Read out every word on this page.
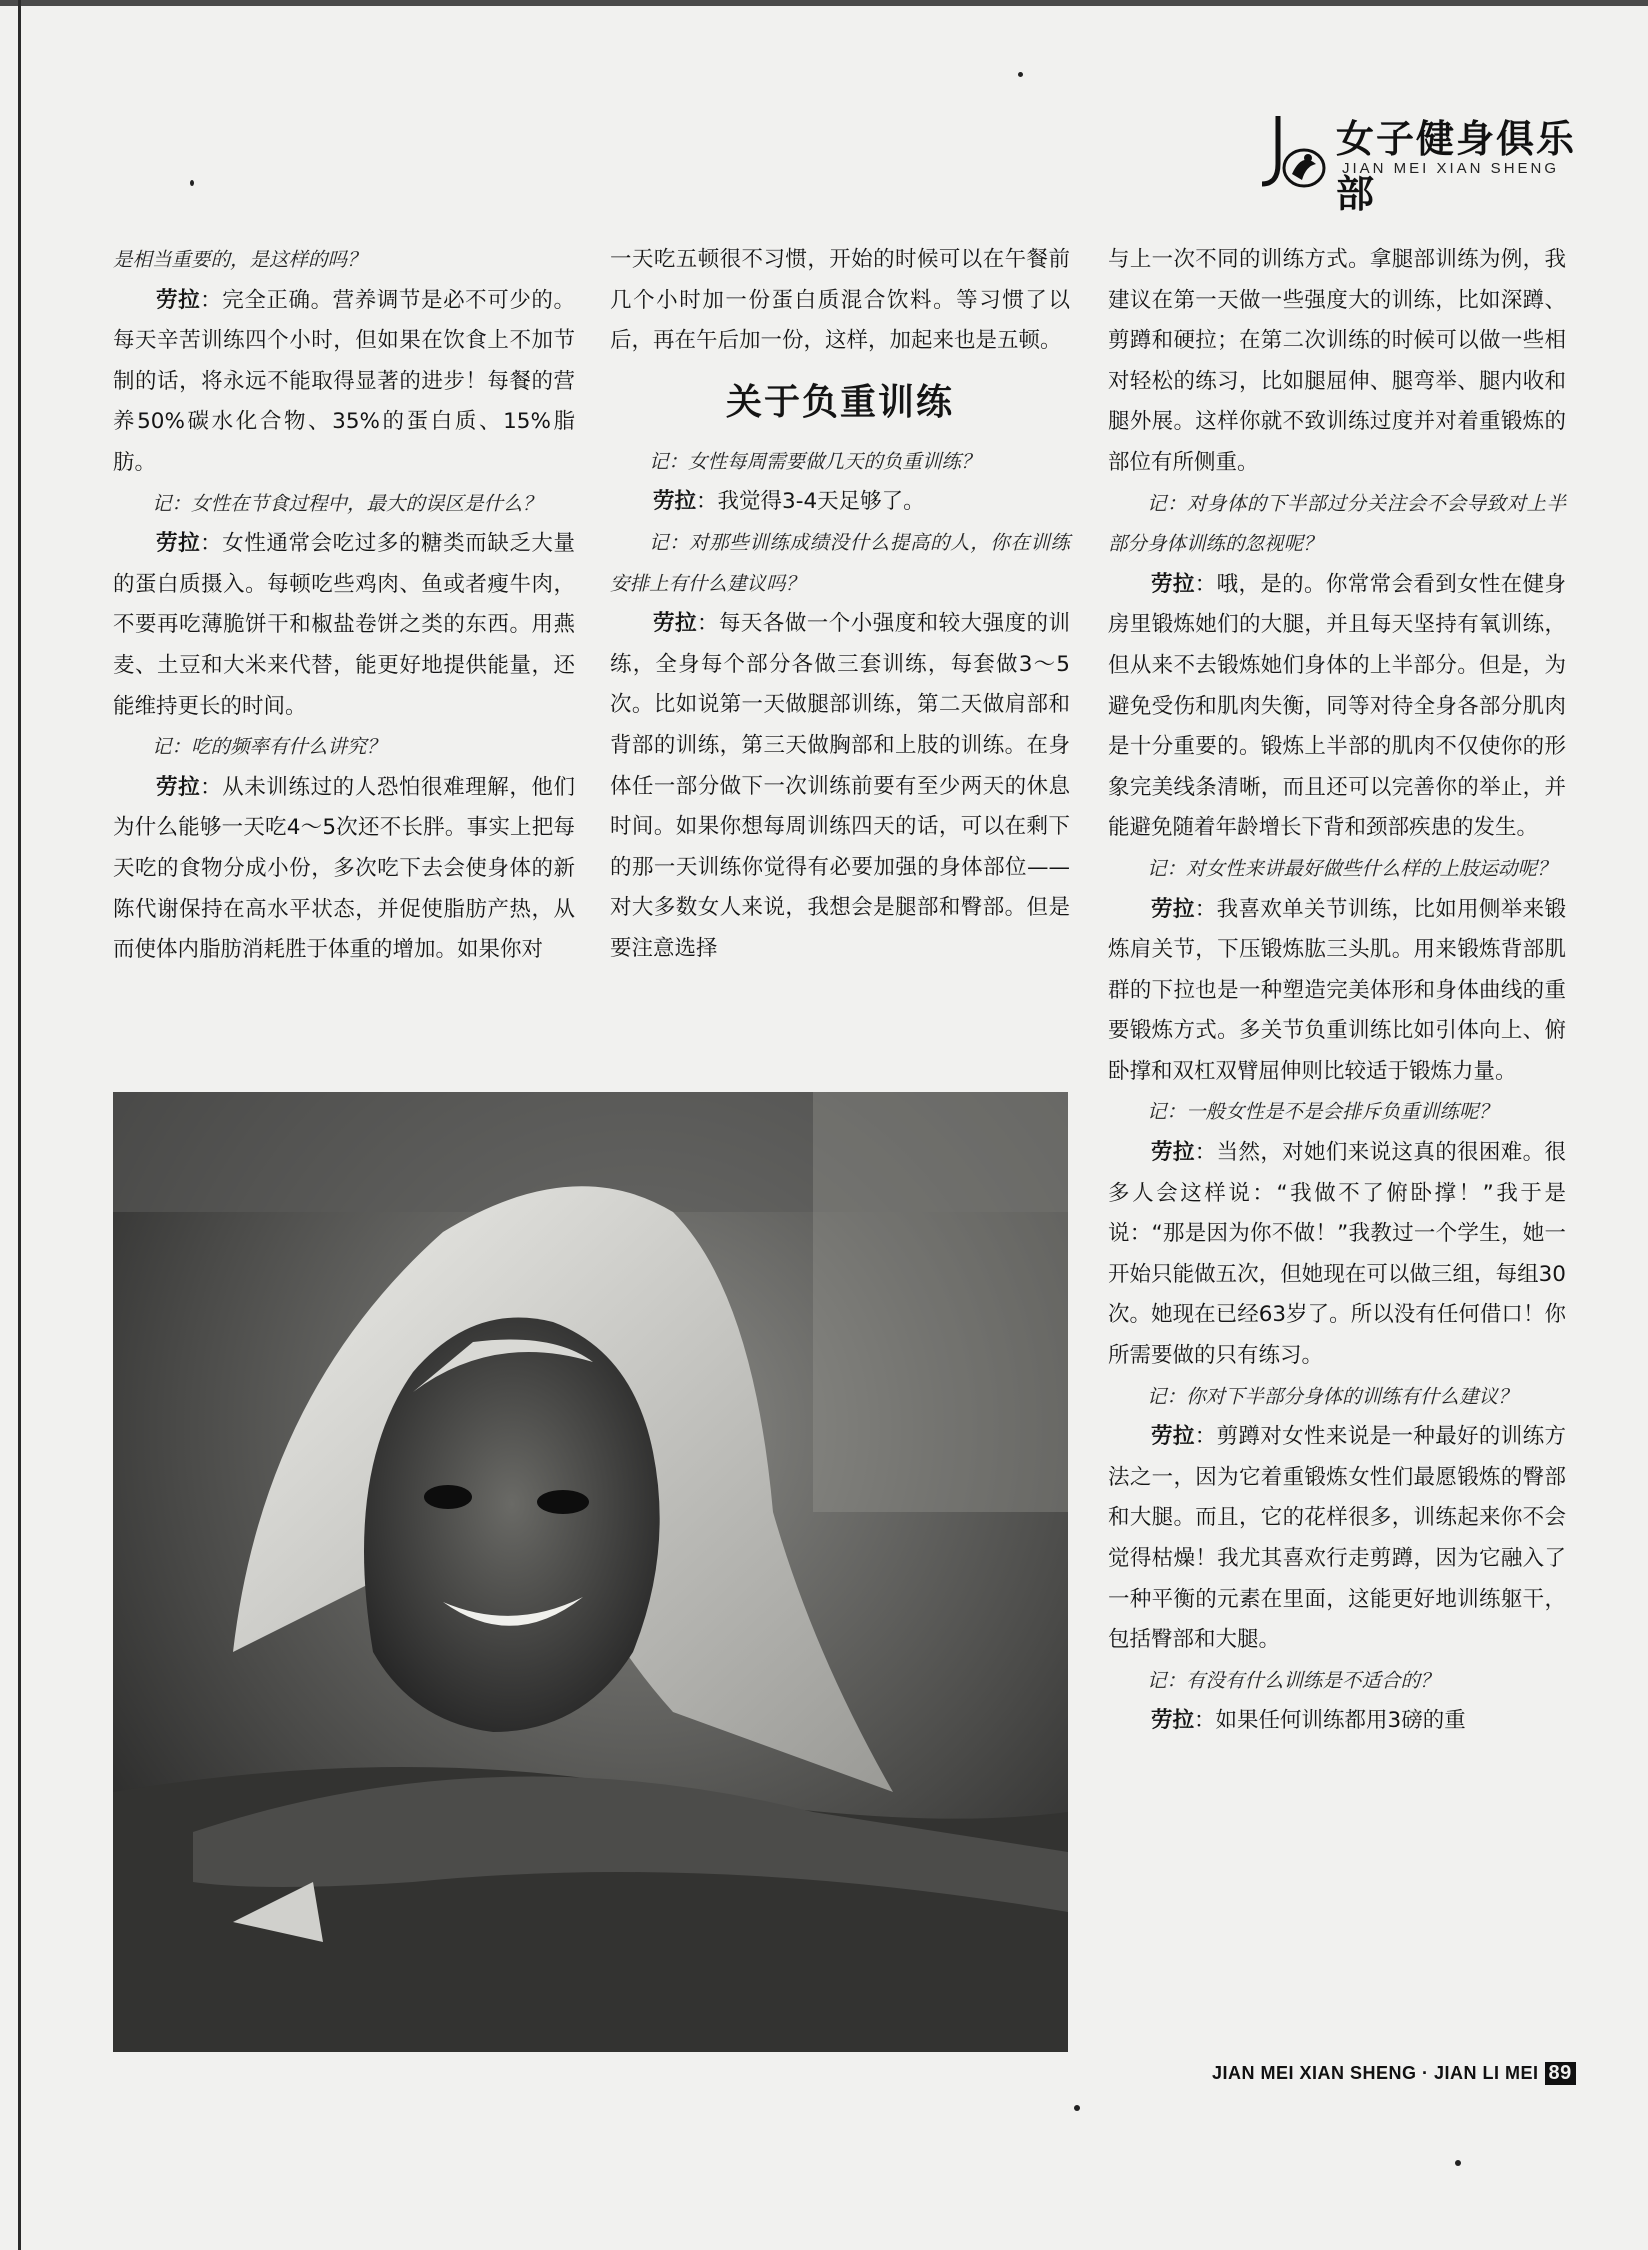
女子健身俱乐部
JIAN MEI XIAN SHENG

是相当重要的，是这样的吗？

劳拉：完全正确。营养调节是必不可少的。每天辛苦训练四个小时，但如果在饮食上不加节制的话，将永远不能取得显著的进步！每餐的营养50%碳水化合物、35%的蛋白质、15%脂肪。

记：女性在节食过程中，最大的误区是什么？

劳拉：女性通常会吃过多的糖类而缺乏大量的蛋白质摄入。每顿吃些鸡肉、鱼或者瘦牛肉，不要再吃薄脆饼干和椒盐卷饼之类的东西。用燕麦、土豆和大米来代替，能更好地提供能量，还能维持更长的时间。

记：吃的频率有什么讲究？

劳拉：从未训练过的人恐怕很难理解，他们为什么能够一天吃4～5次还不长胖。事实上把每天吃的食物分成小份，多次吃下去会使身体的新陈代谢保持在高水平状态，并促使脂肪产热，从而使体内脂肪消耗胜于体重的增加。如果你对

一天吃五顿很不习惯，开始的时候可以在午餐前几个小时加一份蛋白质混合饮料。等习惯了以后，再在午后加一份，这样，加起来也是五顿。

关于负重训练

记：女性每周需要做几天的负重训练？

劳拉：我觉得3-4天足够了。

记：对那些训练成绩没什么提高的人，你在训练安排上有什么建议吗？

劳拉：每天各做一个小强度和较大强度的训练，全身每个部分各做三套训练，每套做3～5次。比如说第一天做腿部训练，第二天做肩部和背部的训练，第三天做胸部和上肢的训练。在身体任一部分做下一次训练前要有至少两天的休息时间。如果你想每周训练四天的话，可以在剩下的那一天训练你觉得有必要加强的身体部位——对大多数女人来说，我想会是腿部和臀部。但是要注意选择

与上一次不同的训练方式。拿腿部训练为例，我建议在第一天做一些强度大的训练，比如深蹲、剪蹲和硬拉；在第二次训练的时候可以做一些相对轻松的练习，比如腿屈伸、腿弯举、腿内收和腿外展。这样你就不致训练过度并对着重锻炼的部位有所侧重。

记：对身体的下半部过分关注会不会导致对上半部分身体训练的忽视呢？

劳拉：哦，是的。你常常会看到女性在健身房里锻炼她们的大腿，并且每天坚持有氧训练，但从来不去锻炼她们身体的上半部分。但是，为避免受伤和肌肉失衡，同等对待全身各部分肌肉是十分重要的。锻炼上半部的肌肉不仅使你的形象完美线条清晰，而且还可以完善你的举止，并能避免随着年龄增长下背和颈部疾患的发生。

记：对女性来讲最好做些什么样的上肢运动呢？

劳拉：我喜欢单关节训练，比如用侧举来锻炼肩关节，下压锻炼肱三头肌。用来锻炼背部肌群的下拉也是一种塑造完美体形和身体曲线的重要锻炼方式。多关节负重训练比如引体向上、俯卧撑和双杠双臂屈伸则比较适于锻炼力量。

记：一般女性是不是会排斥负重训练呢？

劳拉：当然，对她们来说这真的很困难。很多人会这样说：“我做不了俯卧撑！”我于是说：“那是因为你不做！”我教过一个学生，她一开始只能做五次，但她现在可以做三组，每组30次。她现在已经63岁了。所以没有任何借口！你所需要做的只有练习。

记：你对下半部分身体的训练有什么建议？

劳拉：剪蹲对女性来说是一种最好的训练方法之一，因为它着重锻炼女性们最愿锻炼的臀部和大腿。而且，它的花样很多，训练起来你不会觉得枯燥！我尤其喜欢行走剪蹲，因为它融入了一种平衡的元素在里面，这能更好地训练躯干，包括臀部和大腿。

记：有没有什么训练是不适合的？

劳拉：如果任何训练都用3磅的重

JIAN MEI XIAN SHENG · JIAN LI MEI 89
